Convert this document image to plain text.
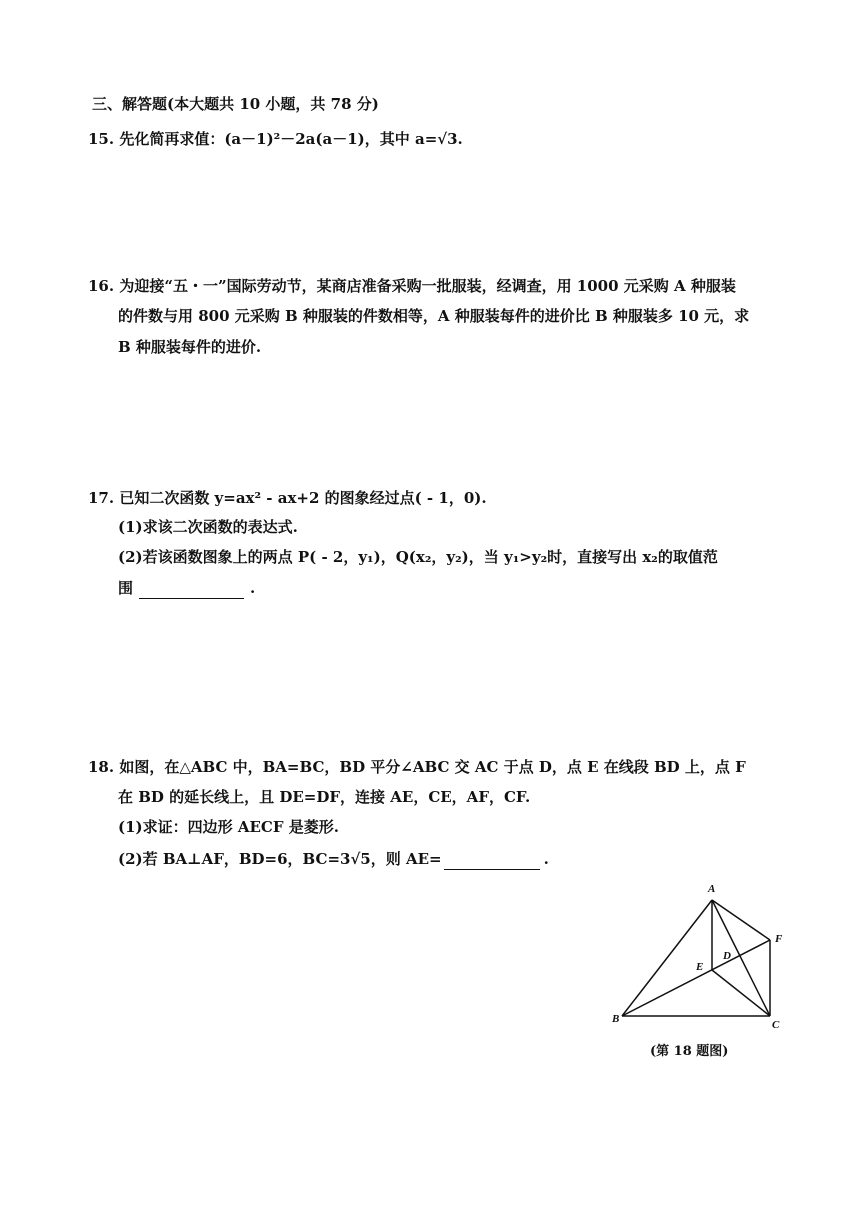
三、解答题(本大题共 10 小题，共 78 分)
15. 先化简再求值：(a－1)²－2a(a－1)，其中 a=√3.
16. 为迎接“五・一”国际劳动节，某商店准备采购一批服装，经调查，用 1000 元采购 A 种服装
的件数与用 800 元采购 B 种服装的件数相等，A 种服装每件的进价比 B 种服装多 10 元，求
B 种服装每件的进价.
17. 已知二次函数 y=ax² - ax+2 的图象经过点( - 1，0).
(1)求该二次函数的表达式.
(2)若该函数图象上的两点 P( - 2，y₁)，Q(x₂，y₂)，当 y₁>y₂时，直接写出 x₂的取值范
围	.
18. 如图，在△ABC 中，BA=BC，BD 平分∠ABC 交 AC 于点 D，点 E 在线段 BD 上，点 F
在 BD 的延长线上，且 DE=DF，连接 AE，CE，AF，CF.
(1)求证：四边形 AECF 是菱形.
(2)若 BA⊥AF，BD=6，BC=3√5，则 AE=	.
A
B	C
D
E
F
(第 18 题图)
